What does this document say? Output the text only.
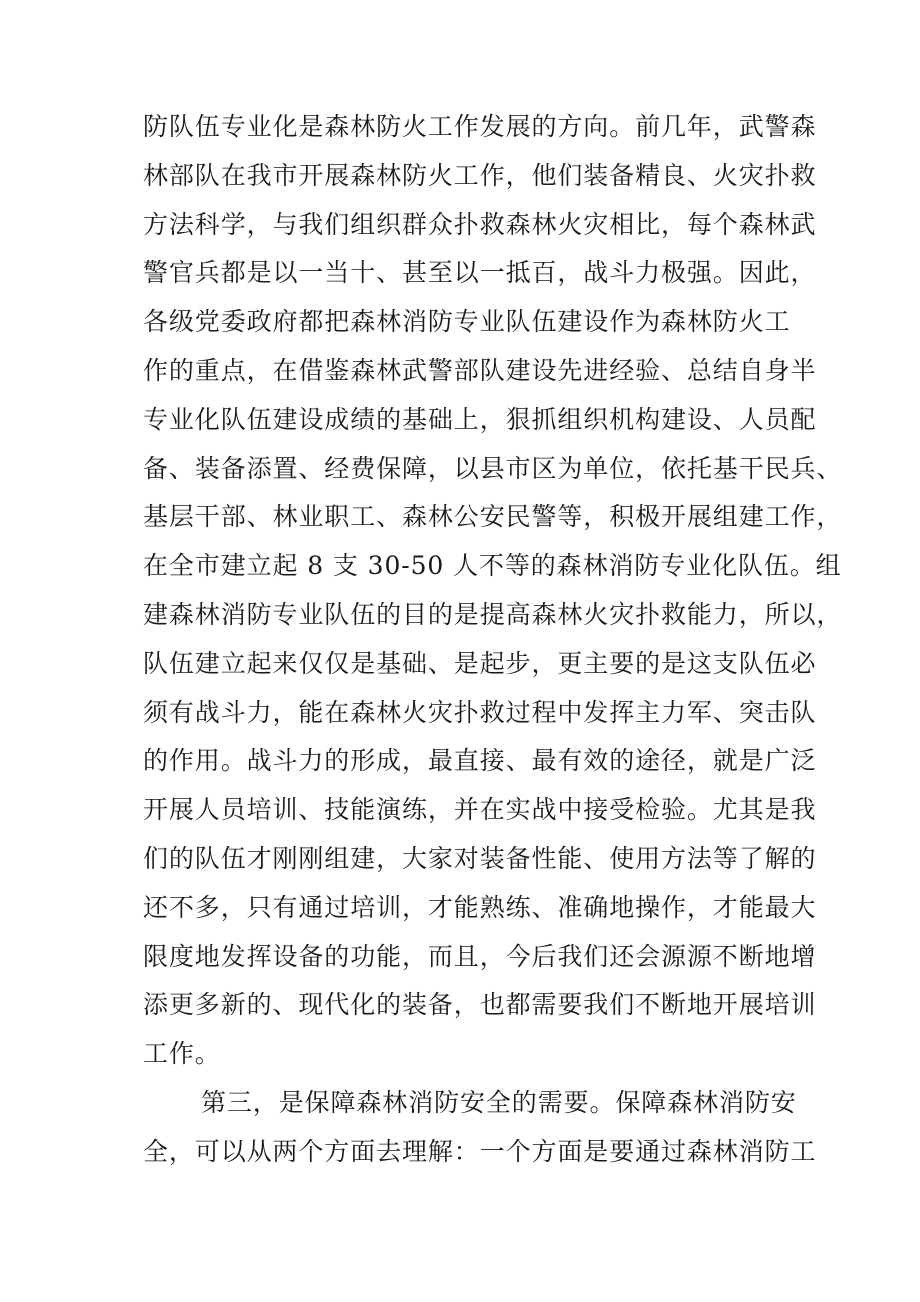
防队伍专业化是森林防火工作发展的方向。前几年，武警森
林部队在我市开展森林防火工作，他们装备精良、火灾扑救
方法科学，与我们组织群众扑救森林火灾相比，每个森林武
警官兵都是以一当十、甚至以一抵百，战斗力极强。因此，
各级党委政府都把森林消防专业队伍建设作为森林防火工
作的重点，在借鉴森林武警部队建设先进经验、总结自身半
专业化队伍建设成绩的基础上，狠抓组织机构建设、人员配
备、装备添置、经费保障，以县市区为单位，依托基干民兵、
基层干部、林业职工、森林公安民警等，积极开展组建工作，
在全市建立起 8 支 30-50 人不等的森林消防专业化队伍。组
建森林消防专业队伍的目的是提高森林火灾扑救能力，所以，
队伍建立起来仅仅是基础、是起步，更主要的是这支队伍必
须有战斗力，能在森林火灾扑救过程中发挥主力军、突击队
的作用。战斗力的形成，最直接、最有效的途径，就是广泛
开展人员培训、技能演练，并在实战中接受检验。尤其是我
们的队伍才刚刚组建，大家对装备性能、使用方法等了解的
还不多，只有通过培训，才能熟练、准确地操作，才能最大
限度地发挥设备的功能，而且，今后我们还会源源不断地增
添更多新的、现代化的装备，也都需要我们不断地开展培训
工作。
第三，是保障森林消防安全的需要。保障森林消防安
全，可以从两个方面去理解：一个方面是要通过森林消防工
